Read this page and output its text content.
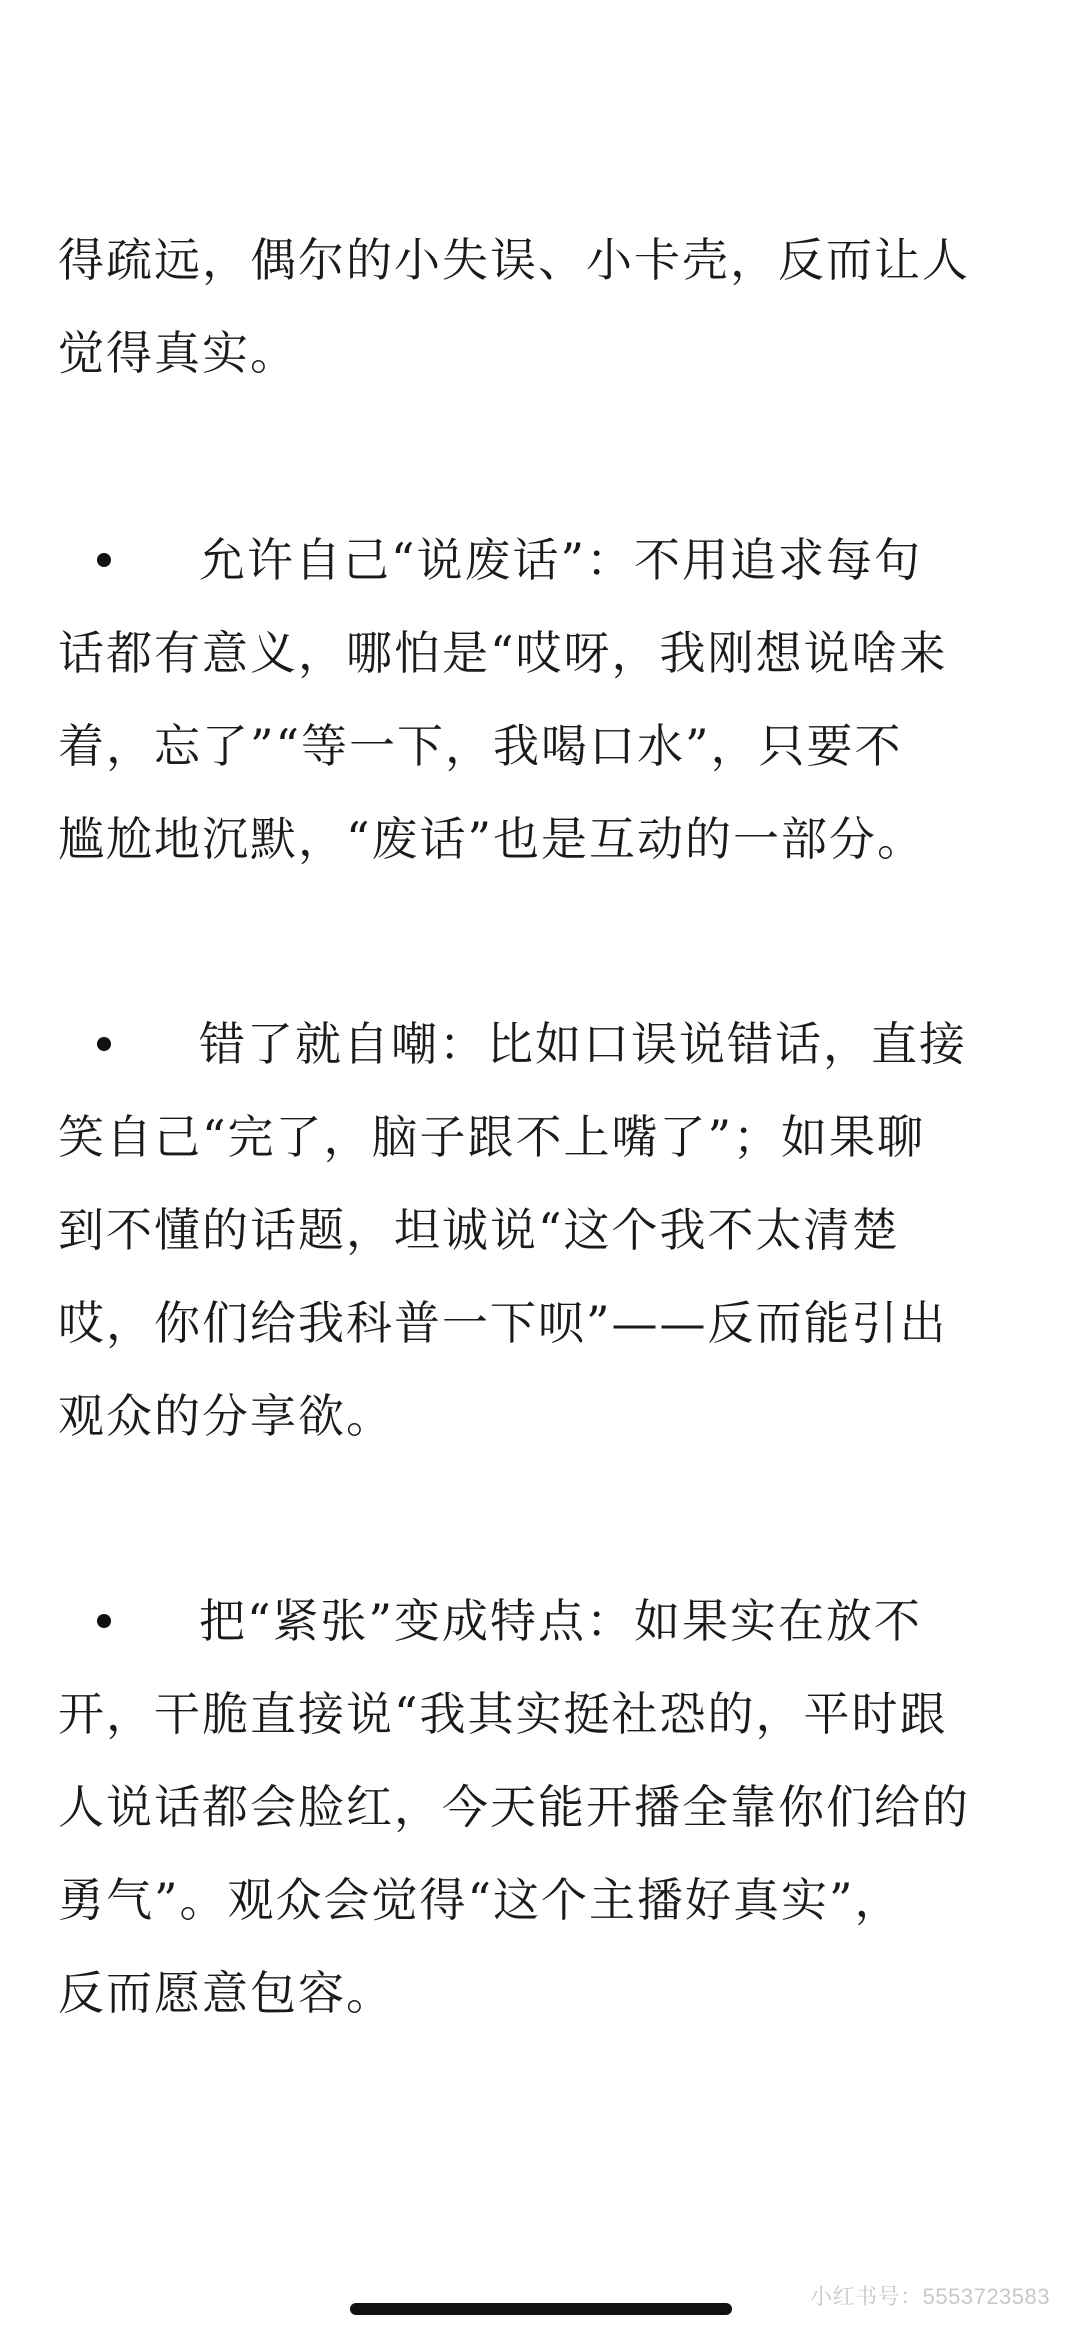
得疏远，偶尔的小失误、小卡壳，反而让人
觉得真实。

允许自己“说废话”：不用追求每句
话都有意义，哪怕是“哎呀，我刚想说啥来
着，忘了”“等一下，我喝口水”，只要不
尴尬地沉默，“废话”也是互动的一部分。
错了就自嘲：比如口误说错话，直接
笑自己“完了，脑子跟不上嘴了”；如果聊
到不懂的话题，坦诚说“这个我不太清楚
哎，你们给我科普一下呗”——反而能引出
观众的分享欲。
把“紧张”变成特点：如果实在放不
开，干脆直接说“我其实挺社恐的，平时跟
人说话都会脸红，今天能开播全靠你们给的
勇气”。观众会觉得“这个主播好真实”，
反而愿意包容。
小红书号：5553723583
